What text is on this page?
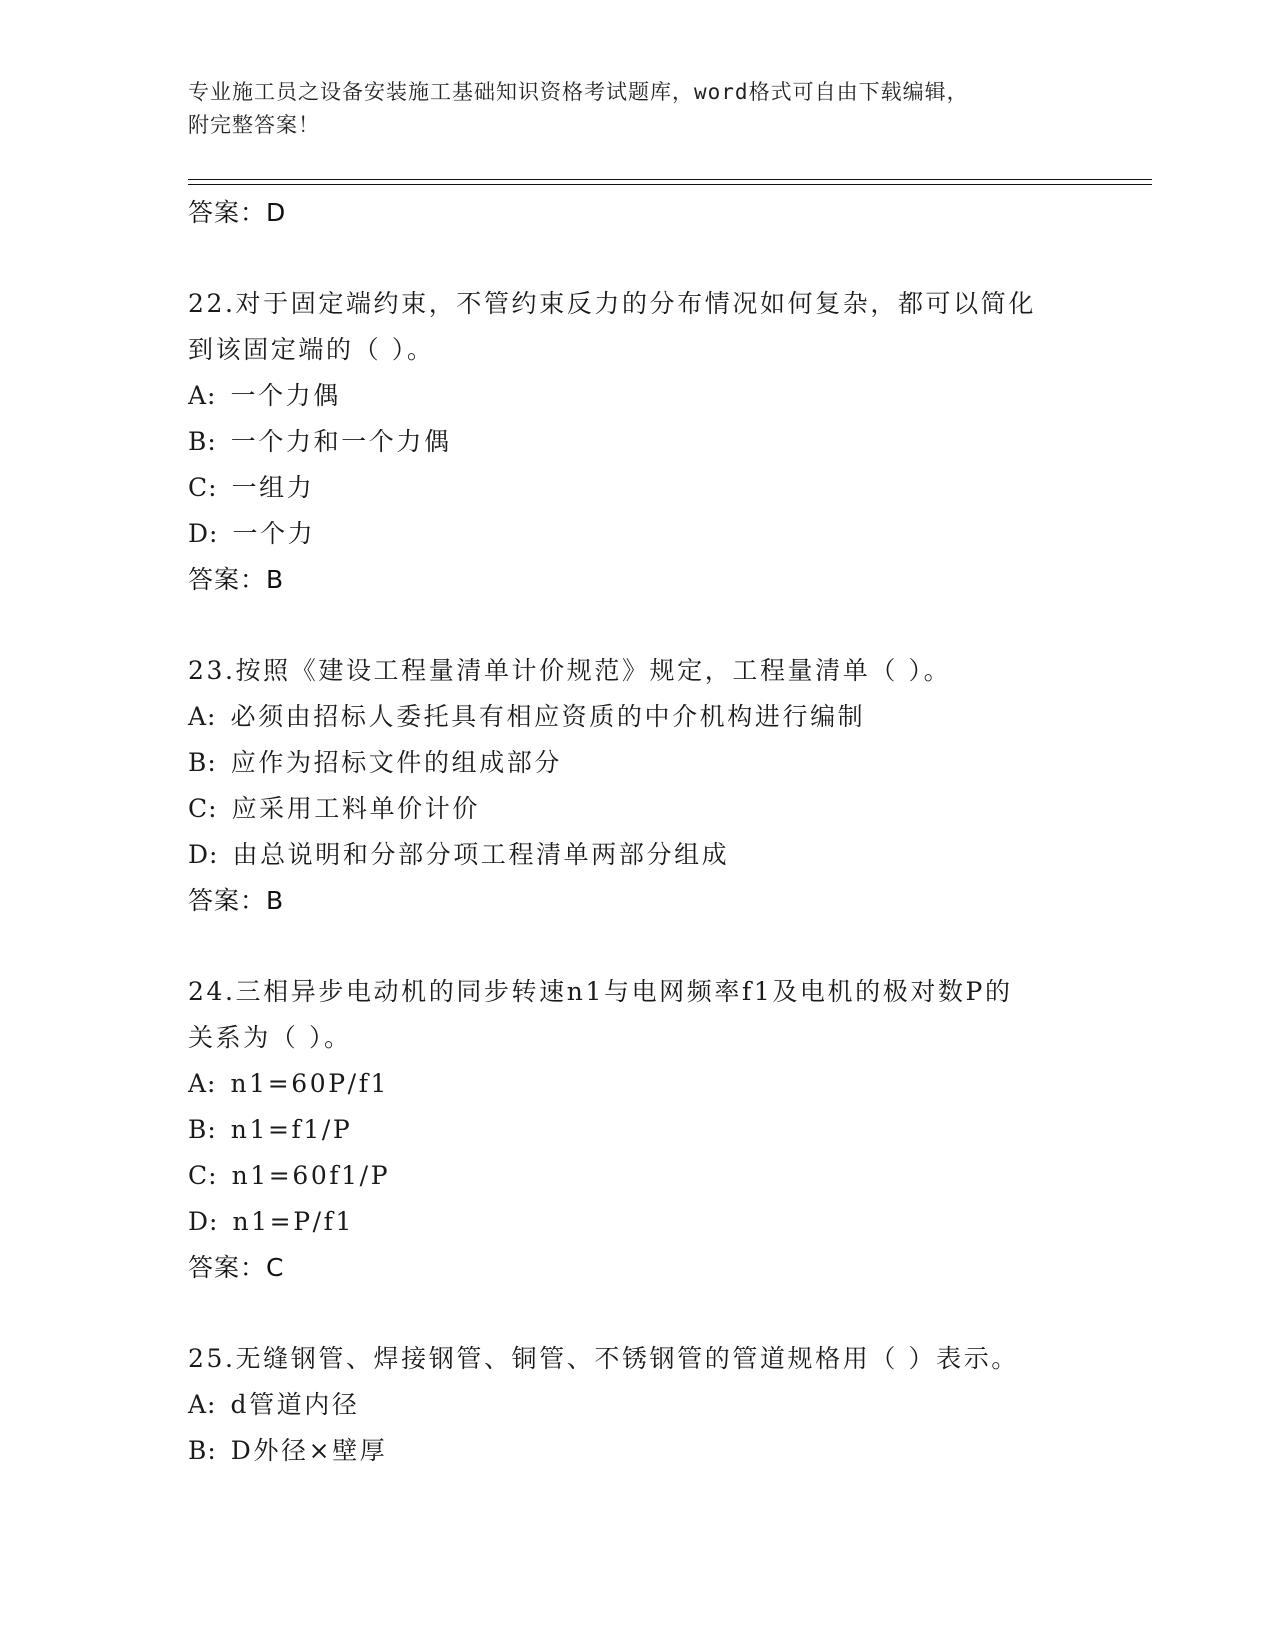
专业施工员之设备安装施工基础知识资格考试题库，word格式可自由下载编辑，
附完整答案！
答案：D
22.对于固定端约束，不管约束反力的分布情况如何复杂，都可以简化
到该固定端的（ ）。
A: 一个力偶
B: 一个力和一个力偶
C: 一组力
D: 一个力
答案：B
23.按照《建设工程量清单计价规范》规定，工程量清单（ ）。
A: 必须由招标人委托具有相应资质的中介机构进行编制
B: 应作为招标文件的组成部分
C: 应采用工料单价计价
D: 由总说明和分部分项工程清单两部分组成
答案：B
24.三相异步电动机的同步转速n1与电网频率f1及电机的极对数P的
关系为（ ）。
A: n1=60P/f1
B: n1=f1/P
C: n1=60f1/P
D: n1=P/f1
答案：C
25.无缝钢管、焊接钢管、铜管、不锈钢管的管道规格用（ ）表示。
A: d管道内径
B: D外径×壁厚
